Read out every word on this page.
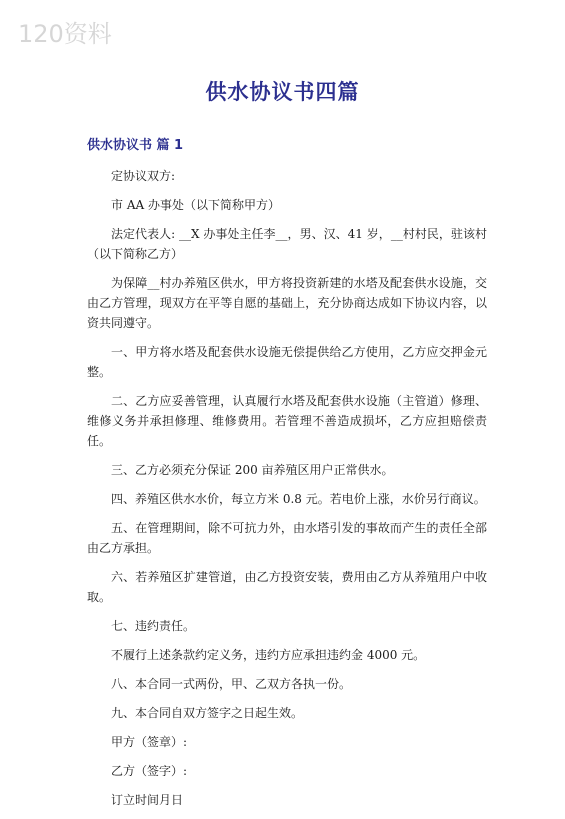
120资料
供水协议书四篇
供水协议书 篇 1

定协议双方:

市 AA 办事处（以下简称甲方）

法定代表人: __X 办事处主任李__，男、汉、41 岁，__村村民，驻该村（以下简称乙方）

为保障__村办养殖区供水，甲方将投资新建的水塔及配套供水设施，交由乙方管理，现双方在平等自愿的基础上，充分协商达成如下协议内容，以资共同遵守。

一、甲方将水塔及配套供水设施无偿提供给乙方使用，乙方应交押金元整。

二、乙方应妥善管理，认真履行水塔及配套供水设施（主管道）修理、维修义务并承担修理、维修费用。若管理不善造成损坏，乙方应担赔偿责任。

三、乙方必须充分保证 200 亩养殖区用户正常供水。

四、养殖区供水水价，每立方米 0.8 元。若电价上涨，水价另行商议。

五、在管理期间，除不可抗力外，由水塔引发的事故而产生的责任全部由乙方承担。

六、若养殖区扩建管道，由乙方投资安装，费用由乙方从养殖用户中收取。

七、违约责任。

不履行上述条款约定义务，违约方应承担违约金 4000 元。

八、本合同一式两份，甲、乙双方各执一份。

九、本合同自双方签字之日起生效。

甲方（签章）:

乙方（签字）:

订立时间月日
